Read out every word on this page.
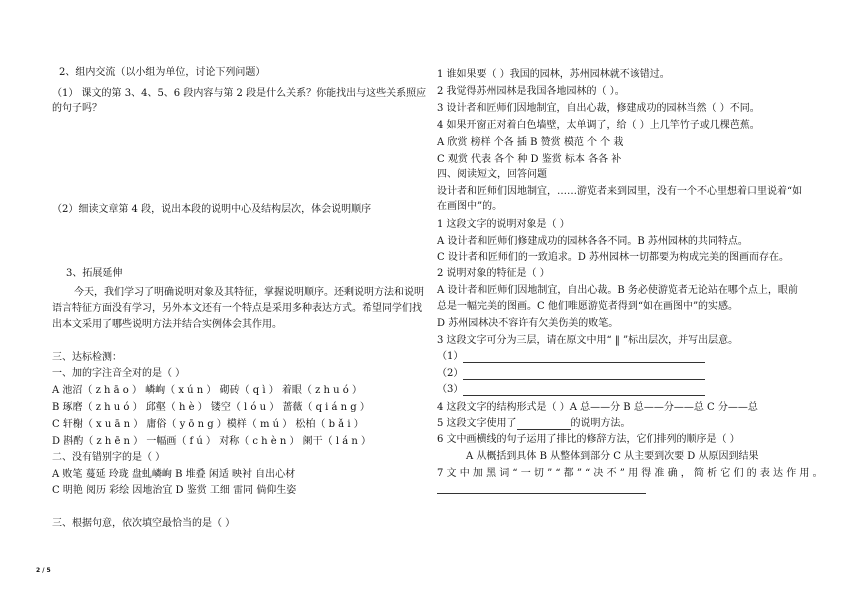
2、组内交流（以小组为单位，讨论下列问题）
（1） 课文的第 3、4、5、6 段内容与第 2 段是什么关系？你能找出与这些关系照应
的句子吗？
（2）细读文章第 4 段，说出本段的说明中心及结构层次，体会说明顺序
3、拓展延伸
今天，我们学习了明确说明对象及其特征，掌握说明顺序。还剩说明方法和说明
语言特征方面没有学习，另外本文还有一个特点是采用多种表达方式。希望同学们找
出本文采用了哪些说明方法并结合实例体会其作用。
三、达标检测：
一、加的字注音全对的是（ ）
A 池沼（ z h ā o ） 嶙峋（ x ú n ） 砌砖（ q ì ） 着眼（ z h u ó ）
B 琢磨（ z h u ó ） 邱壑（ h è ） 镂空（ l ó u ） 蔷薇（ q i á n g ）
C 轩榭（ x u ā n ） 庸俗（ y ō n g ）模样（ m ú ） 松柏（ b ǎ i ）
D 斟酌（ z h ē n ） 一幅画（ f ú ） 对称（ c h è n ） 阑干（ l á n ）
二、没有错别字的是（ ）
A 败笔 蔓延 玲珑 盘虬嶙峋 B 堆叠 闲适 映衬 自出心材
C 明艳 阅历 彩绘 因地治宜 D 鉴赏 工细 雷同 倘仰生姿
三、根据句意，依次填空最恰当的是（ ）
1 谁如果要（ ）我国的园林，苏州园林就不该错过。
2 我觉得苏州园林是我国各地园林的（ ）。
3 设计者和匠师们因地制宜，自出心裁，修建成功的园林当然（ ）不同。
4 如果开窗正对着白色墙壁，太单调了，给（ ）上几竿竹子或几棵芭蕉。
A 欣赏 榜样 个各 插 B 赞赏 模范 个 个 栽
C 观赏 代表 各个 种 D 鉴赏 标本 各各 补
四、阅读短文，回答问题
设计者和匠师们因地制宜，……游览者来到园里，没有一个不心里想着口里说着“如
在画图中”的。
1 这段文字的说明对象是（ ）
A 设计者和匠师们修建成功的园林各各不同。B 苏州园林的共同特点。
C 设计者和匠师们的一致追求。D 苏州园林一切都要为构成完美的图画而存在。
2 说明对象的特征是（ ）
A 设计者和匠师们因地制宜，自出心裁。B 务必使游览者无论站在哪个点上，眼前
总是一幅完美的图画。C 他们唯愿游览者得到“如在画图中”的实感。
D 苏州园林决不容许有欠美伤美的败笔。
3 这段文字可分为三层，请在原文中用“ ‖ ”标出层次，并写出层意。
（1）
（2）
（3）
4 这段文字的结构形式是（ ）A 总——分 B 总——分——总 C 分——总
5 这段文字使用了	的说明方法。
6 文中画横线的句子运用了排比的修辞方法，它们排列的顺序是（ ）
A 从概括到具体 B 从整体到部分 C 从主要到次要 D 从原因到结果
7 文 中 加 黑 词 “ 一 切 ” “ 都 ” “ 决 不 ” 用 得 准 确 ， 简 析 它 们 的 表 达 作 用 。
2 / 5
